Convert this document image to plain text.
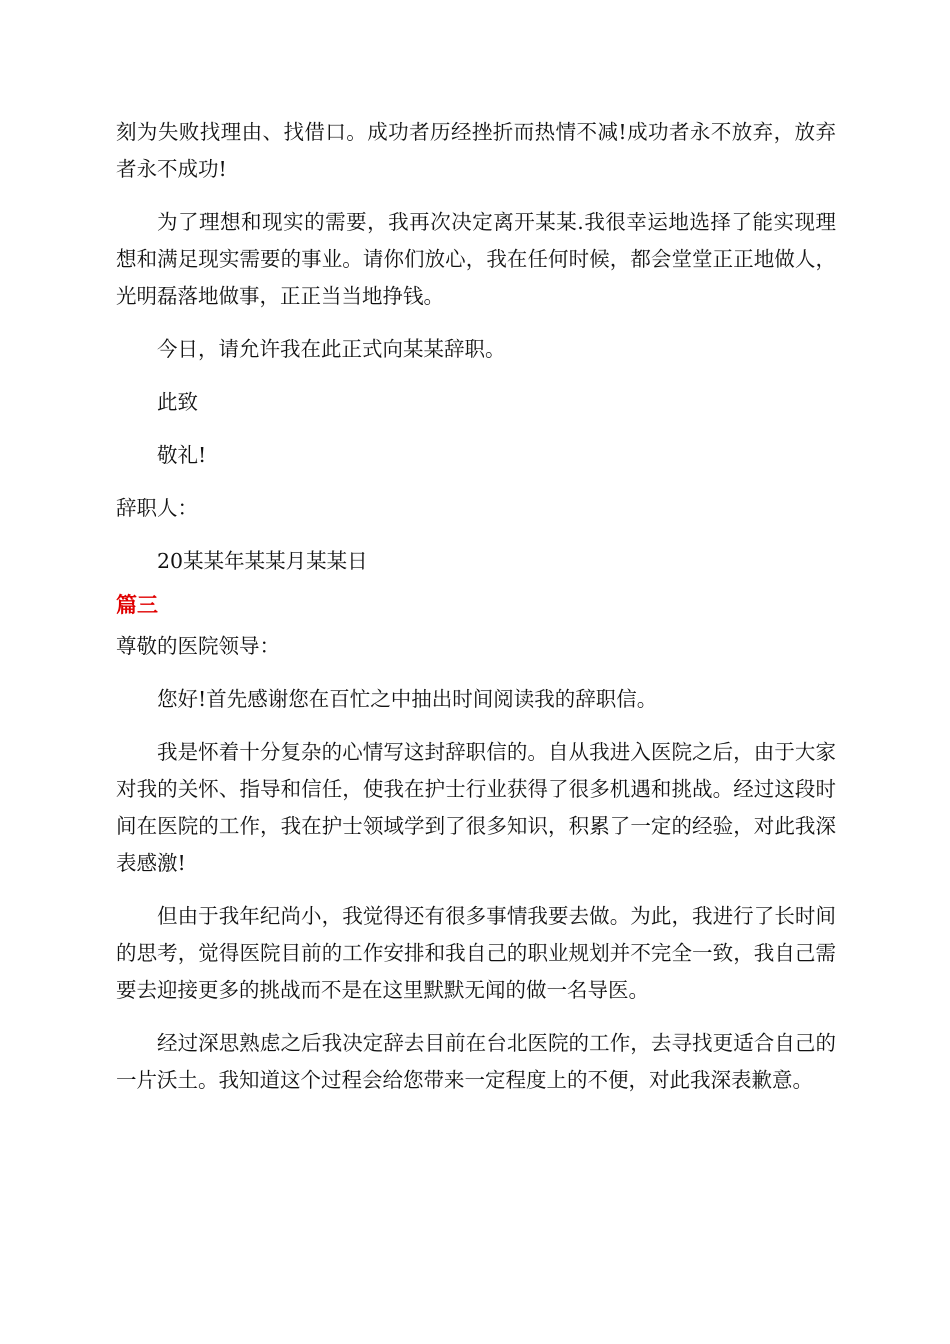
刻为失败找理由、找借口。成功者历经挫折而热情不减!成功者永不放弃，放弃者永不成功!

为了理想和现实的需要，我再次决定离开某某.我很幸运地选择了能实现理想和满足现实需要的事业。请你们放心，我在任何时候，都会堂堂正正地做人，光明磊落地做事，正正当当地挣钱。

今日，请允许我在此正式向某某辞职。

此致

敬礼!

辞职人：

20某某年某某月某某日

篇三

尊敬的医院领导：

您好!首先感谢您在百忙之中抽出时间阅读我的辞职信。

我是怀着十分复杂的心情写这封辞职信的。自从我进入医院之后，由于大家对我的关怀、指导和信任，使我在护士行业获得了很多机遇和挑战。经过这段时间在医院的工作，我在护士领域学到了很多知识，积累了一定的经验，对此我深表感激!

但由于我年纪尚小，我觉得还有很多事情我要去做。为此，我进行了长时间的思考，觉得医院目前的工作安排和我自己的职业规划并不完全一致，我自己需要去迎接更多的挑战而不是在这里默默无闻的做一名导医。

经过深思熟虑之后我决定辞去目前在台北医院的工作，去寻找更适合自己的一片沃土。我知道这个过程会给您带来一定程度上的不便，对此我深表歉意。
